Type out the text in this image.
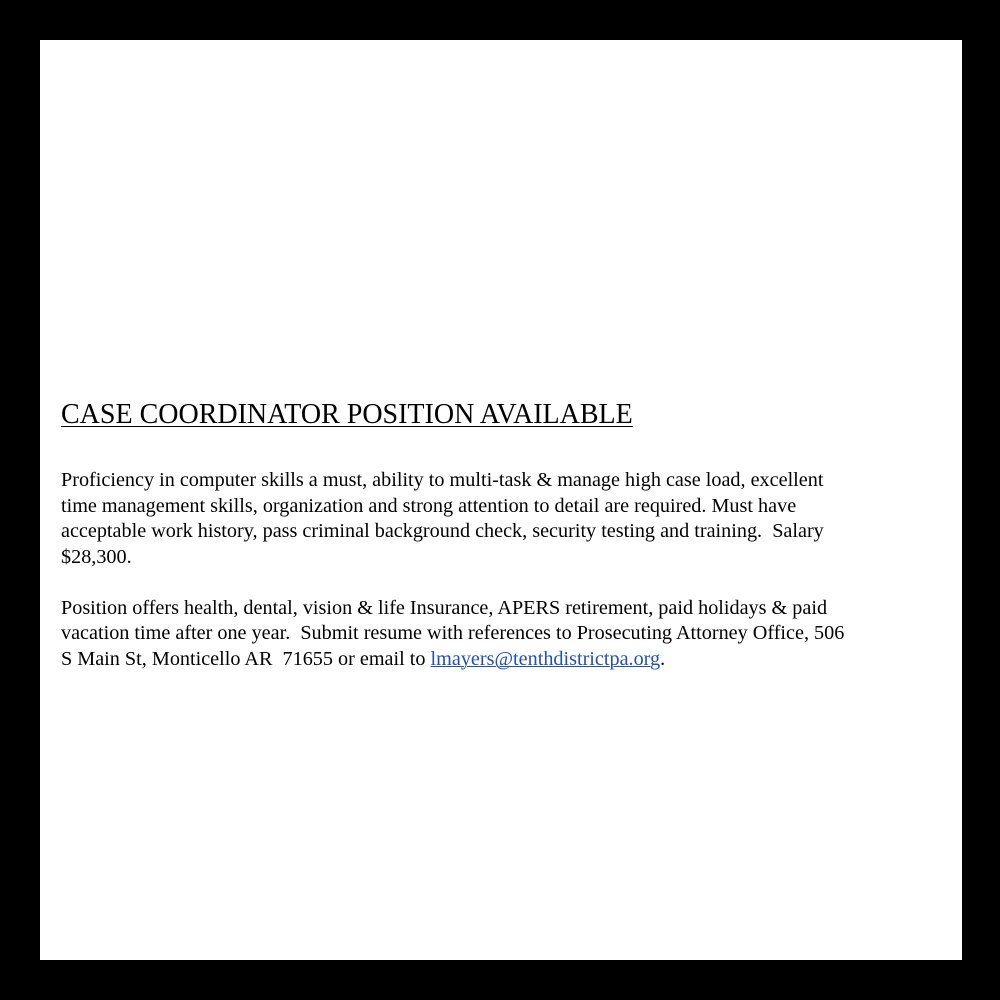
CASE COORDINATOR POSITION AVAILABLE

Proficiency in computer skills a must, ability to multi-task & manage high case load, excellent
time management skills, organization and strong attention to detail are required. Must have
acceptable work history, pass criminal background check, security testing and training.  Salary
$28,300.

Position offers health, dental, vision & life Insurance, APERS retirement, paid holidays & paid
vacation time after one year.  Submit resume with references to Prosecuting Attorney Office, 506
S Main St, Monticello AR  71655 or email to lmayers@tenthdistrictpa.org.
